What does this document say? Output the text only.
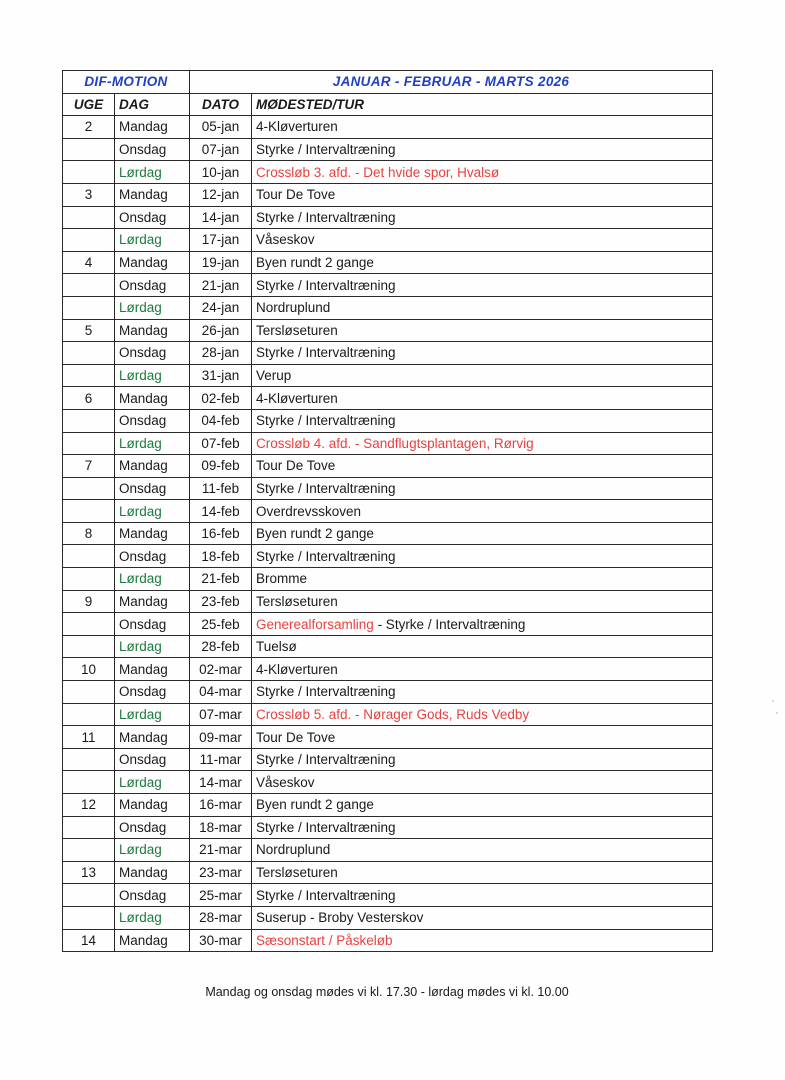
DIF-MOTION		JANUAR - FEBRUAR - MARTS 2026	
UGE	DAG	DATO	MØDESTED/TUR
2	Mandag	05-jan	4-Kløverturen
	Onsdag	07-jan	Styrke / Intervaltræning
	Lørdag	10-jan	Crossløb 3. afd. - Det hvide spor, Hvalsø
3	Mandag	12-jan	Tour De Tove
	Onsdag	14-jan	Styrke / Intervaltræning
	Lørdag	17-jan	Våseskov
4	Mandag	19-jan	Byen rundt 2 gange
	Onsdag	21-jan	Styrke / Intervaltræning
	Lørdag	24-jan	Nordruplund
5	Mandag	26-jan	Tersløseturen
	Onsdag	28-jan	Styrke / Intervaltræning
	Lørdag	31-jan	Verup
6	Mandag	02-feb	4-Kløverturen
	Onsdag	04-feb	Styrke / Intervaltræning
	Lørdag	07-feb	Crossløb 4. afd. - Sandflugtsplantagen, Rørvig
7	Mandag	09-feb	Tour De Tove
	Onsdag	11-feb	Styrke / Intervaltræning
	Lørdag	14-feb	Overdrevsskoven
8	Mandag	16-feb	Byen rundt 2 gange
	Onsdag	18-feb	Styrke / Intervaltræning
	Lørdag	21-feb	Bromme
9	Mandag	23-feb	Tersløseturen
	Onsdag	25-feb	Generealforsamling - Styrke / Intervaltræning
	Lørdag	28-feb	Tuelsø
10	Mandag	02-mar	4-Kløverturen
	Onsdag	04-mar	Styrke / Intervaltræning
	Lørdag	07-mar	Crossløb 5. afd. - Nørager Gods, Ruds Vedby
11	Mandag	09-mar	Tour De Tove
	Onsdag	11-mar	Styrke / Intervaltræning
	Lørdag	14-mar	Våseskov
12	Mandag	16-mar	Byen rundt 2 gange
	Onsdag	18-mar	Styrke / Intervaltræning
	Lørdag	21-mar	Nordruplund
13	Mandag	23-mar	Tersløseturen
	Onsdag	25-mar	Styrke / Intervaltræning
	Lørdag	28-mar	Suserup - Broby Vesterskov
14	Mandag	30-mar	Sæsonstart / Påskeløb
Mandag og onsdag mødes vi kl. 17.30 - lørdag mødes vi kl. 10.00
